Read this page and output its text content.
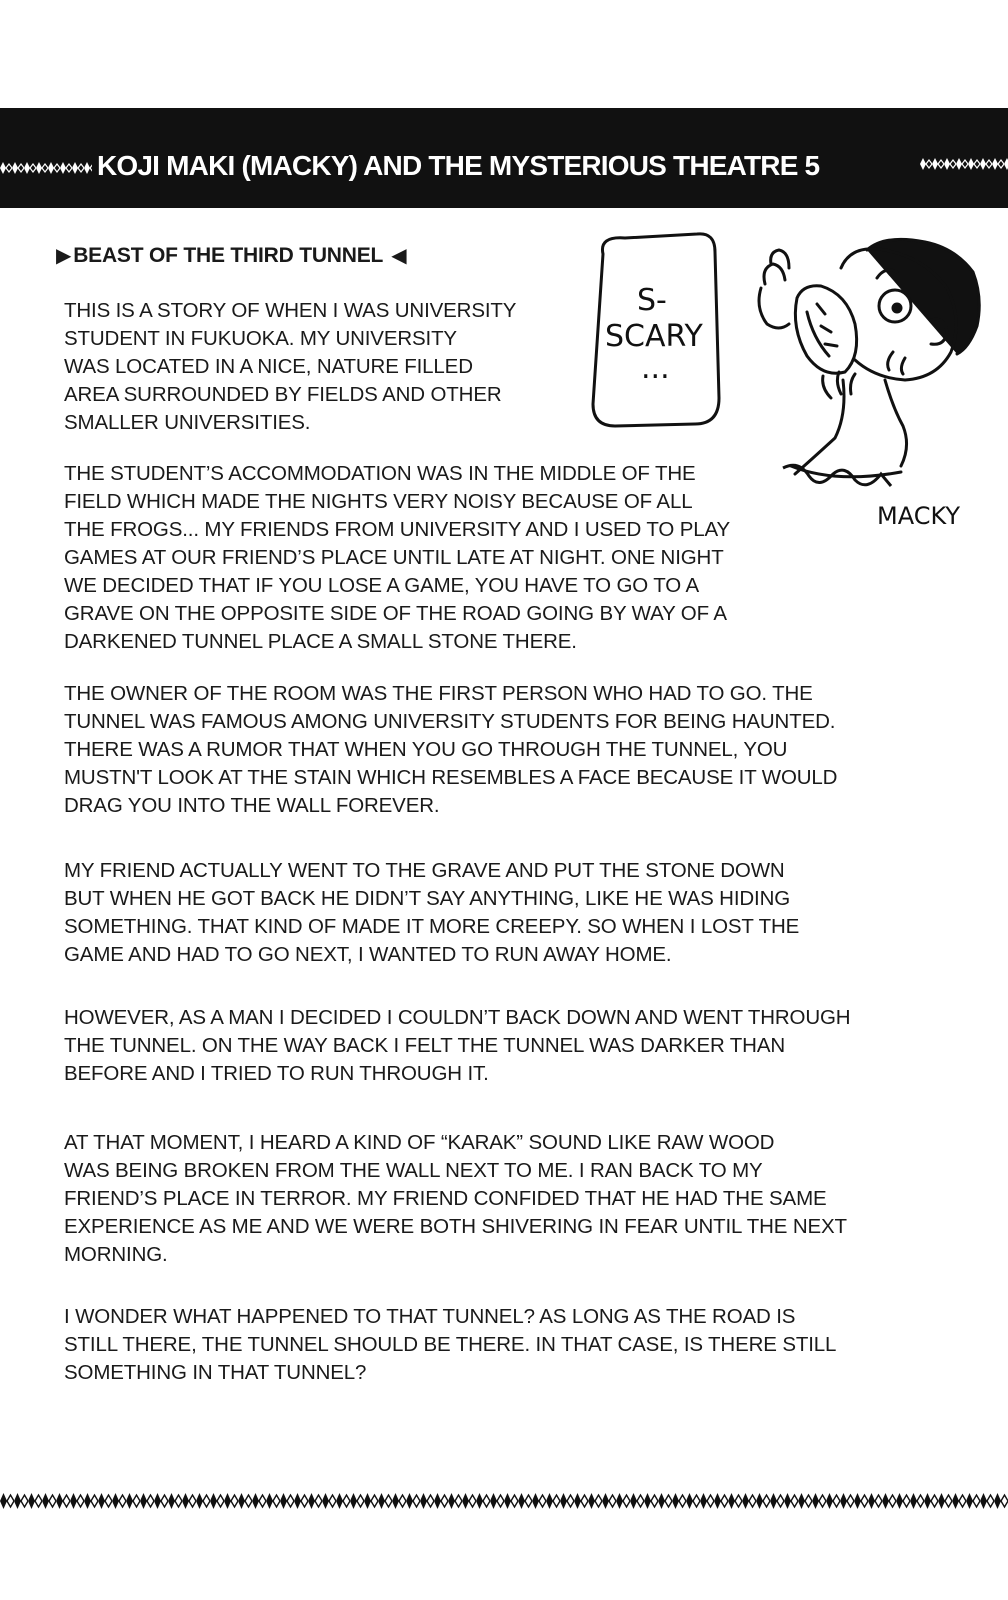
KOJI MAKI (MACKY) AND THE MYSTERIOUS THEATRE 5
▶ BEAST OF THE THIRD TUNNEL ◀

THIS IS A STORY OF WHEN I WAS UNIVERSITY
STUDENT IN FUKUOKA. MY UNIVERSITY
WAS LOCATED IN A NICE, NATURE FILLED
AREA SURROUNDED BY FIELDS AND OTHER
SMALLER UNIVERSITIES.

THE STUDENT’S ACCOMMODATION WAS IN THE MIDDLE OF THE
FIELD WHICH MADE THE NIGHTS VERY NOISY BECAUSE OF ALL
THE FROGS... MY FRIENDS FROM UNIVERSITY AND I USED TO PLAY
GAMES AT OUR FRIEND’S PLACE UNTIL LATE AT NIGHT. ONE NIGHT
WE DECIDED THAT IF YOU LOSE A GAME, YOU HAVE TO GO TO A
GRAVE ON THE OPPOSITE SIDE OF THE ROAD GOING BY WAY OF A
DARKENED TUNNEL PLACE A SMALL STONE THERE.

THE OWNER OF THE ROOM WAS THE FIRST PERSON WHO HAD TO GO. THE
TUNNEL WAS FAMOUS AMONG UNIVERSITY STUDENTS FOR BEING HAUNTED.
THERE WAS A RUMOR THAT WHEN YOU GO THROUGH THE TUNNEL, YOU
MUSTN'T LOOK AT THE STAIN WHICH RESEMBLES A FACE BECAUSE IT WOULD
DRAG YOU INTO THE WALL FOREVER.

MY FRIEND ACTUALLY WENT TO THE GRAVE AND PUT THE STONE DOWN
BUT WHEN HE GOT BACK HE DIDN’T SAY ANYTHING, LIKE HE WAS HIDING
SOMETHING. THAT KIND OF MADE IT MORE CREEPY. SO WHEN I LOST THE
GAME AND HAD TO GO NEXT, I WANTED TO RUN AWAY HOME.

HOWEVER, AS A MAN I DECIDED I COULDN’T BACK DOWN AND WENT THROUGH
THE TUNNEL. ON THE WAY BACK I FELT THE TUNNEL WAS DARKER THAN
BEFORE AND I TRIED TO RUN THROUGH IT.

AT THAT MOMENT, I HEARD A KIND OF “KARAK” SOUND LIKE RAW WOOD
WAS BEING BROKEN FROM THE WALL NEXT TO ME. I RAN BACK TO MY
FRIEND’S PLACE IN TERROR. MY FRIEND CONFIDED THAT HE HAD THE SAME
EXPERIENCE AS ME AND WE WERE BOTH SHIVERING IN FEAR UNTIL THE NEXT
MORNING.

I WONDER WHAT HAPPENED TO THAT TUNNEL? AS LONG AS THE ROAD IS
STILL THERE, THE TUNNEL SHOULD BE THERE. IN THAT CASE, IS THERE STILL
SOMETHING IN THAT TUNNEL?

S-
SCARY
...
MACKY
